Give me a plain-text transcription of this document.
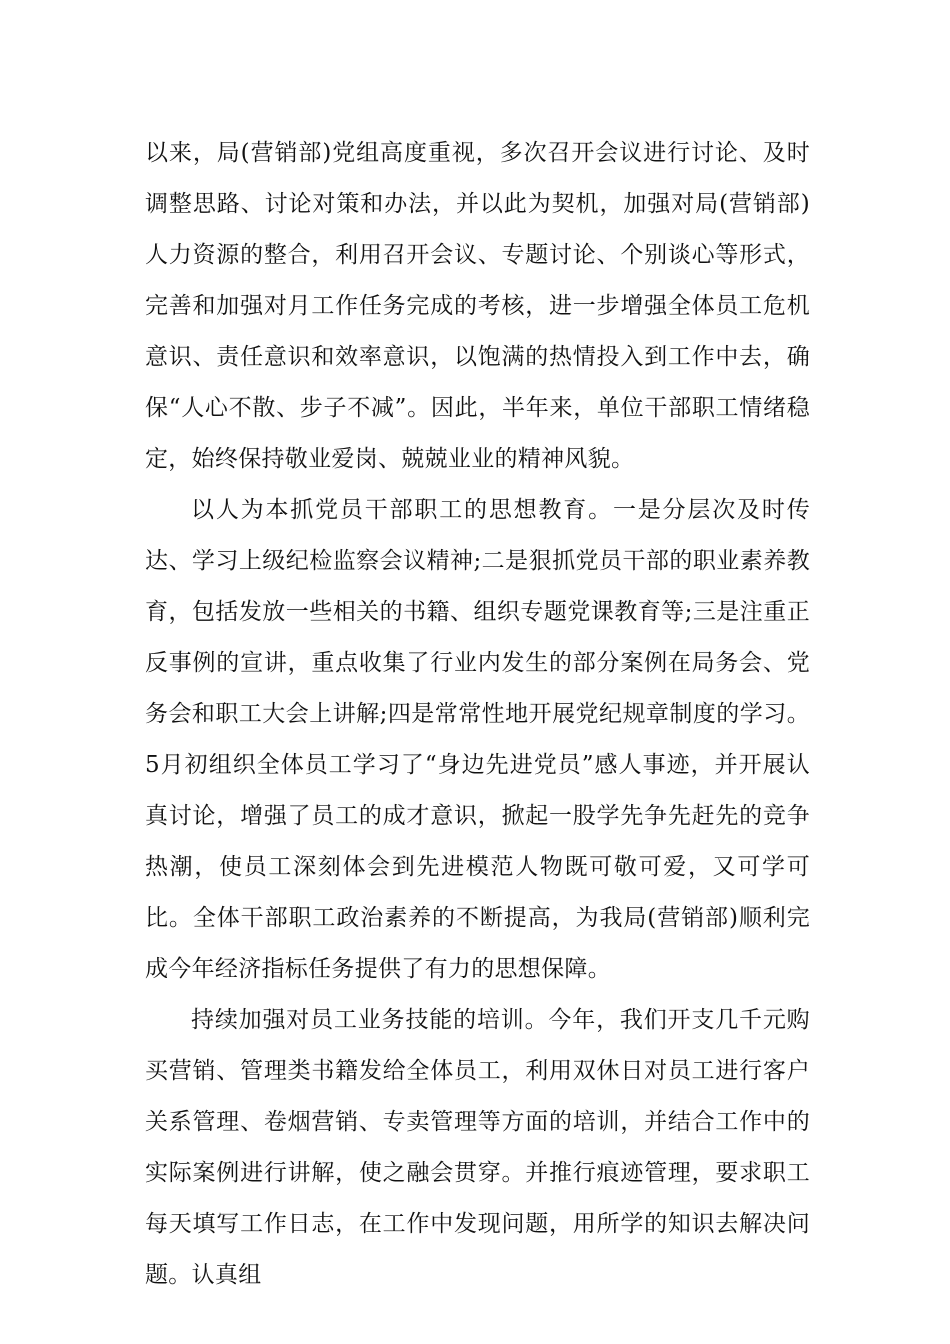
以来，局(营销部)党组高度重视，多次召开会议进行讨论、及时调整思路、讨论对策和办法，并以此为契机，加强对局(营销部)人力资源的整合，利用召开会议、专题讨论、个别谈心等形式，完善和加强对月工作任务完成的考核，进一步增强全体员工危机意识、责任意识和效率意识，以饱满的热情投入到工作中去，确保“人心不散、步子不减”。因此，半年来，单位干部职工情绪稳定，始终保持敬业爱岗、兢兢业业的精神风貌。

以人为本抓党员干部职工的思想教育。一是分层次及时传达、学习上级纪检监察会议精神;二是狠抓党员干部的职业素养教育，包括发放一些相关的书籍、组织专题党课教育等;三是注重正反事例的宣讲，重点收集了行业内发生的部分案例在局务会、党务会和职工大会上讲解;四是常常性地开展党纪规章制度的学习。5月初组织全体员工学习了“身边先进党员”感人事迹，并开展认真讨论，增强了员工的成才意识，掀起一股学先争先赶先的竞争热潮，使员工深刻体会到先进模范人物既可敬可爱，又可学可比。全体干部职工政治素养的不断提高，为我局(营销部)顺利完成今年经济指标任务提供了有力的思想保障。

持续加强对员工业务技能的培训。今年，我们开支几千元购买营销、管理类书籍发给全体员工，利用双休日对员工进行客户关系管理、卷烟营销、专卖管理等方面的培训，并结合工作中的实际案例进行讲解，使之融会贯穿。并推行痕迹管理，要求职工每天填写工作日志，在工作中发现问题，用所学的知识去解决问题。认真组
